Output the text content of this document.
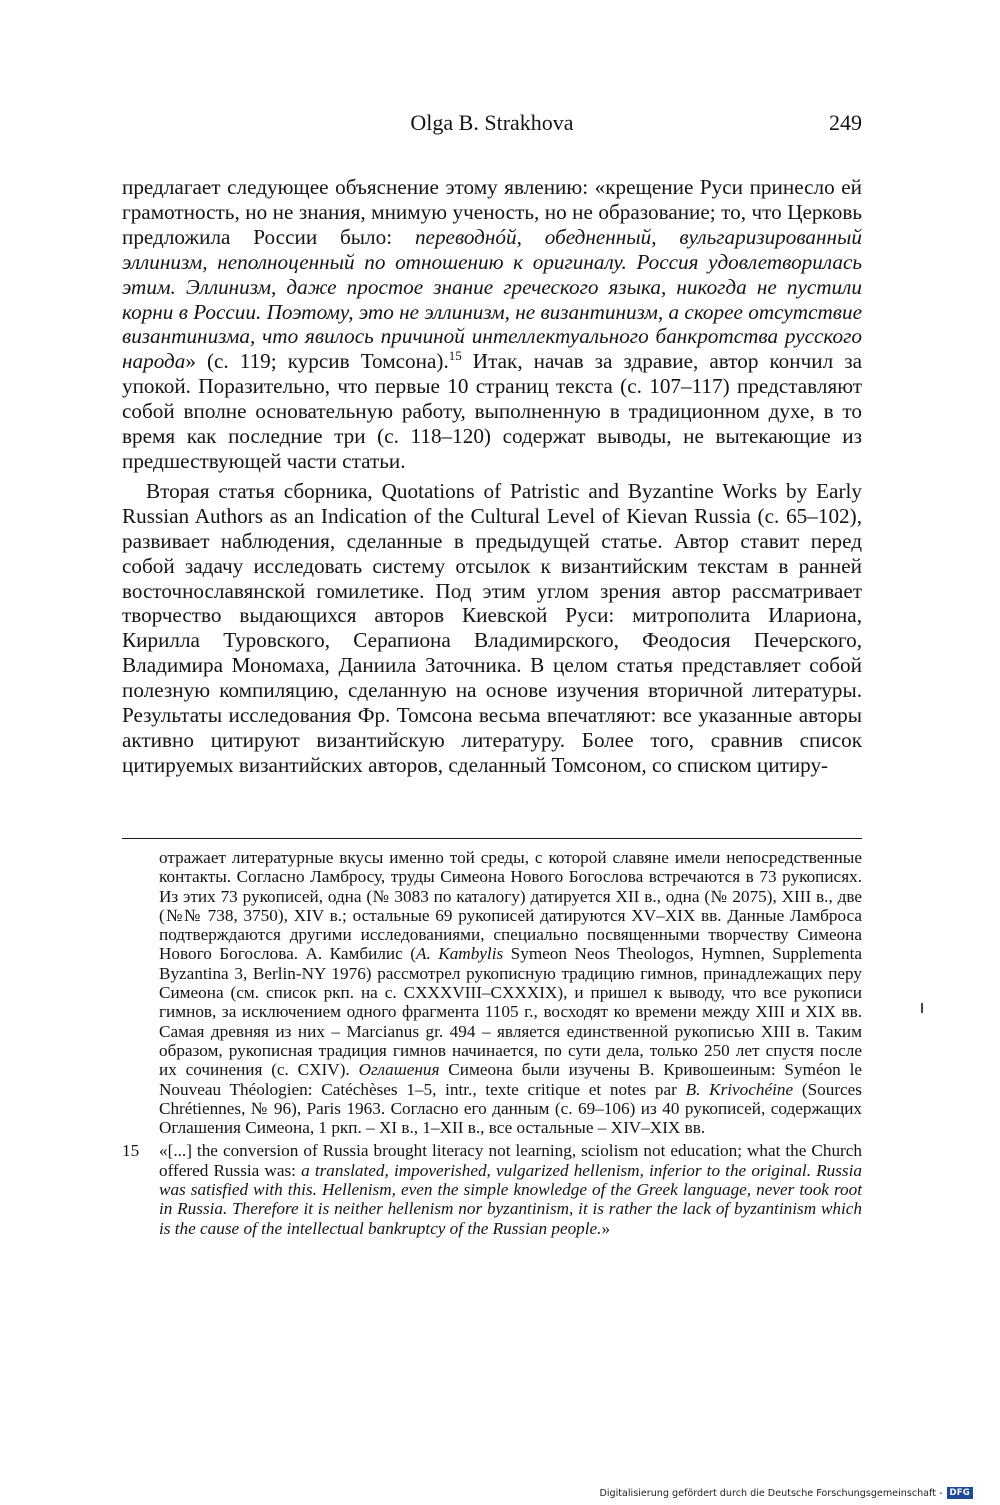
Olga B. Strakhova	249

предлагает следующее объяснение этому явлению: «крещение Руси принесло ей грамотность, но не знания, мнимую ученость, но не образование; то, что Церковь предложила России было: переводнóй, обедненный, вульгаризированный эллинизм, неполноценный по отношению к оригиналу. Россия удовлетворилась этим. Эллинизм, даже простое знание греческого языка, никогда не пустили корни в России. Поэтому, это не эллинизм, не византинизм, а скорее отсутствие византинизма, что явилось причиной интеллектуального банкротства русского народа» (с. 119; курсив Томсона).$^{15}$ Итак, начав за здравие, автор кончил за упокой. Поразительно, что первые 10 страниц текста (с. 107–117) представляют собой вполне основательную работу, выполненную в традиционном духе, в то время как последние три (с. 118–120) содержат выводы, не вытекающие из предшествующей части статьи.

Вторая статья сборника, Quotations of Patristic and Byzantine Works by Early Russian Authors as an Indication of the Cultural Level of Kievan Russia (с. 65–102), развивает наблюдения, сделанные в предыдущей статье. Автор ставит перед собой задачу исследовать систему отсылок к византийским текстам в ранней восточнославянской гомилетике. Под этим углом зрения автор рассматривает творчество выдающихся авторов Киевской Руси: митрополита Илариона, Кирилла Туровского, Серапиона Владимирского, Феодосия Печерского, Владимира Мономаха, Даниила Заточника. В целом статья представляет собой полезную компиляцию, сделанную на основе изучения вторичной литературы. Результаты исследования Фр. Томсона весьма впечатляют: все указанные авторы активно цитируют византийскую литературу. Более того, сравнив список цитируемых византийских авторов, сделанный Томсоном, со списком цитиру-

отражает литературные вкусы именно той среды, с которой славяне имели непосредственные контакты. Согласно Ламбросу, труды Симеона Нового Богослова встречаются в 73 рукописях. Из этих 73 рукописей, одна (№ 3083 по каталогу) датируется XII в., одна (№ 2075), XIII в., две (№№ 738, 3750), XIV в.; остальные 69 рукописей датируются XV–XIX вв. Данные Ламброса подтверждаются другими исследованиями, специально посвященными творчеству Симеона Нового Богослова. А. Камбилис (A. Kambylis Symeon Neos Theologos, Hymnen, Supplementa Byzantina 3, Berlin-NY 1976) рассмотрел рукописную традицию гимнов, принадлежащих перу Симеона (см. список ркп. на с. CXXXVIII–CXXXIX), и пришел к выводу, что все рукописи гимнов, за исключением одного фрагмента 1105 г., восходят ко времени между XIII и XIX вв. Самая древняя из них – Marcianus gr. 494 – является единственной рукописью XIII в. Таким образом, рукописная традиция гимнов начинается, по сути дела, только 250 лет спустя после их сочинения (с. CXIV). Оглашения Симеона были изучены В. Кривошеиным: Syméon le Nouveau Théologien: Catéchèses 1–5, intr., texte critique et notes par B. Krivochéine (Sources Chrétiennes, № 96), Paris 1963. Согласно его данным (с. 69–106) из 40 рукописей, содержащих Оглашения Симеона, 1 ркп. – XI в., 1–XII в., все остальные – XIV–XIX вв.

15 «[...] the conversion of Russia brought literacy not learning, sciolism not education; what the Church offered Russia was: a translated, impoverished, vulgarized hellenism, inferior to the original. Russia was satisfied with this. Hellenism, even the simple knowledge of the Greek language, never took root in Russia. Therefore it is neither hellenism nor byzantinism, it is rather the lack of byzantinism which is the cause of the intellectual bankruptcy of the Russian people.»

Digitalisierung gefördert durch die Deutsche Forschungsgemeinschaft - DFG
